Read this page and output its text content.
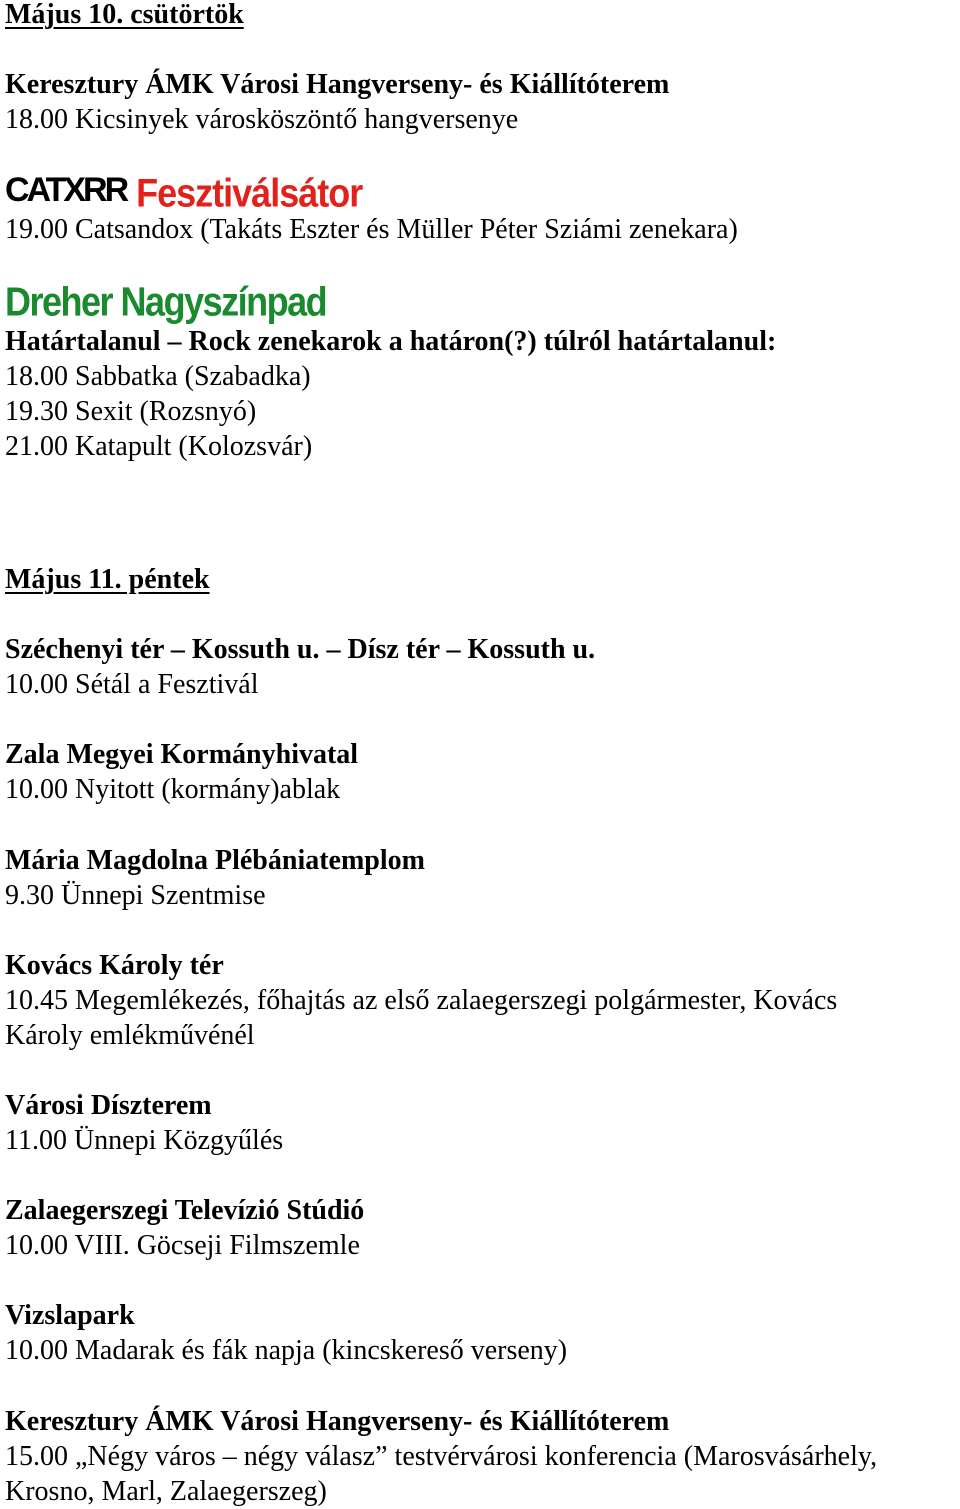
Május 10. csütörtök
Keresztury ÁMK Városi Hangverseny- és Kiállítóterem
18.00 Kicsinyek városköszöntő hangversenye
CATXRR Fesztiválsátor
19.00 Catsandox (Takáts Eszter és Müller Péter Sziámi zenekara)
Dreher Nagyszínpad
Határtalanul – Rock zenekarok a határon(?) túlról határtalanul:
18.00 Sabbatka (Szabadka)
19.30 Sexit (Rozsnyó)
21.00 Katapult (Kolozsvár)
Május 11. péntek
Széchenyi tér – Kossuth u. – Dísz tér – Kossuth u.
10.00 Sétál a Fesztivál
Zala Megyei Kormányhivatal
10.00 Nyitott (kormány)ablak
Mária Magdolna Plébániatemplom
9.30 Ünnepi Szentmise
Kovács Károly tér
10.45 Megemlékezés, főhajtás az első zalaegerszegi polgármester, Kovács
Károly emlékművénél
Városi Díszterem
11.00 Ünnepi Közgyűlés
Zalaegerszegi Televízió Stúdió
10.00 VIII. Göcseji Filmszemle
Vizslapark
10.00 Madarak és fák napja (kincskereső verseny)
Keresztury ÁMK Városi Hangverseny- és Kiállítóterem
15.00 „Négy város – négy válasz” testvérvárosi konferencia (Marosvásárhely,
Krosno, Marl, Zalaegerszeg)
